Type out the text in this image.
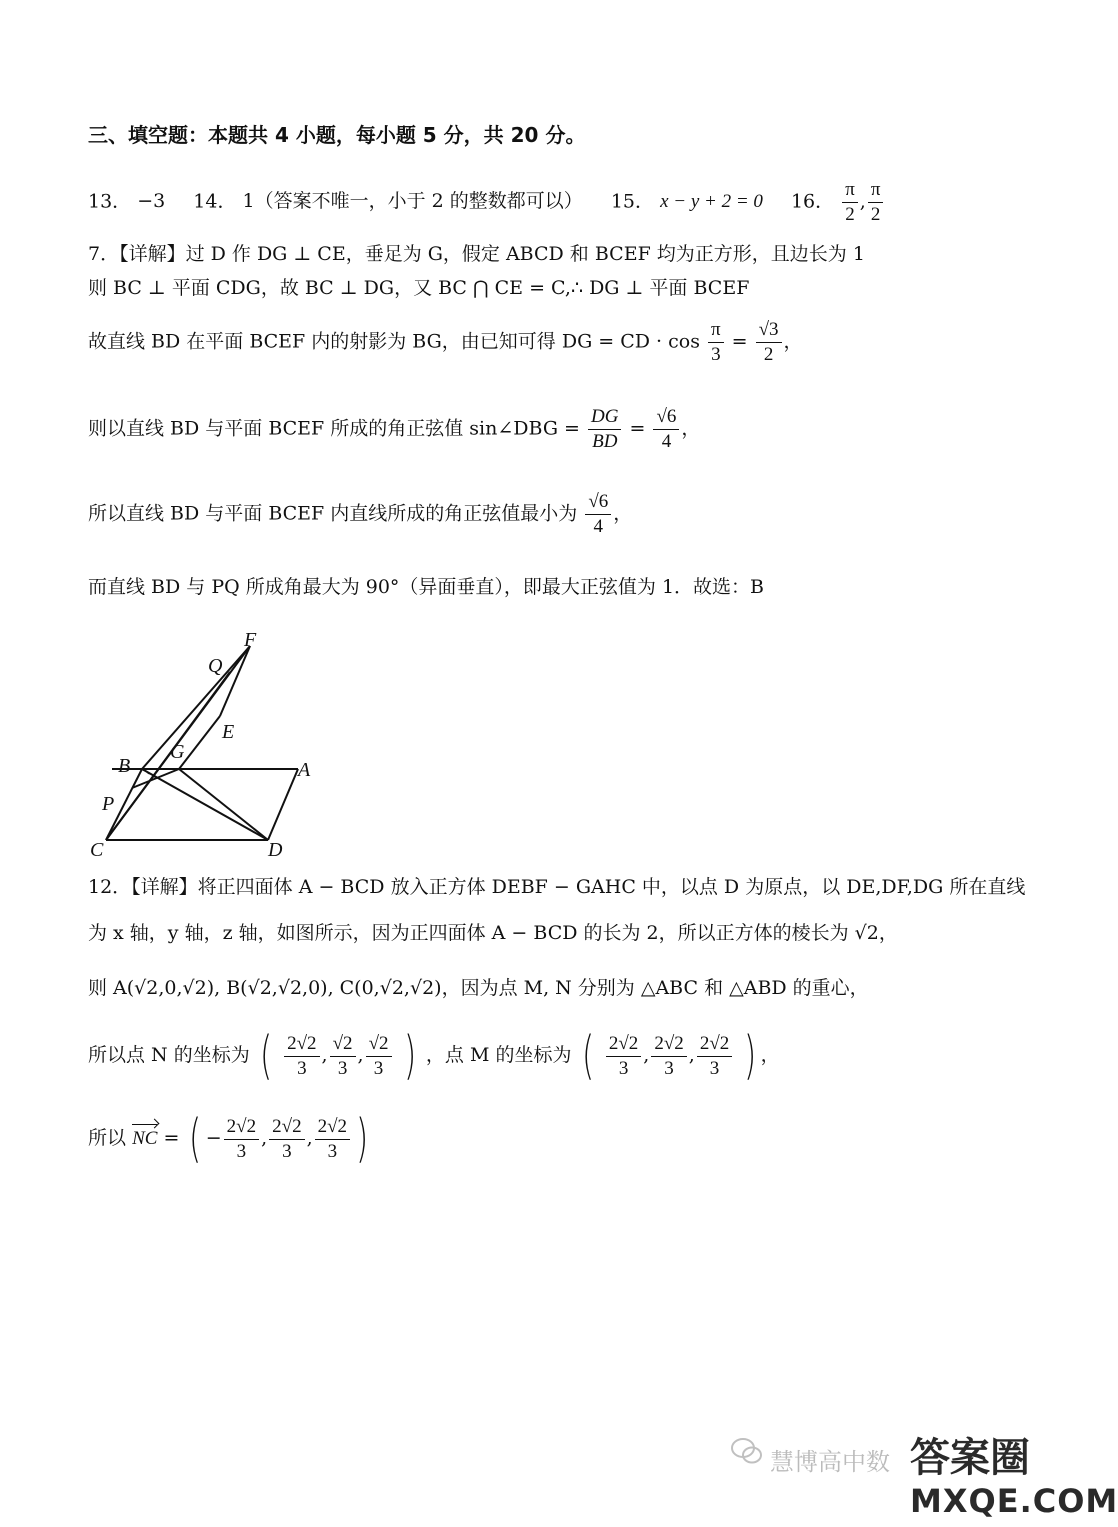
三、填空题：本题共 4 小题，每小题 5 分，共 20 分。
13． −3 14． 1（答案不唯一，小于 2 的整数都可以） 15． x − y + 2 = 0 16． $\frac{\pi}{2}$ , $\frac{\pi}{2}$
7．【详解】过 D 作 DG ⊥ CE，垂足为 G，假定 ABCD 和 BCEF 均为正方形，且边长为 1
则 BC ⊥ 平面 CDG，故 BC ⊥ DG，又 BC ⋂ CE = C,∴ DG ⊥ 平面 BCEF
故直线 BD 在平面 BCEF 内的射影为 BG，由已知可得 DG = CD · $\cos \frac{\pi}{3} = \frac{√3}{2}$ ，
则以直线 BD 与平面 BCEF 所成的角正弦值 sin∠DBG = $\frac{DG}{BD} = \frac{√6}{4}$ ，
所以直线 BD 与平面 BCEF 内直线所成的角正弦值最小为 $\frac{√6}{4}$ ，
而直线 BD 与 PQ 所成角最大为 90°（异面垂直），即最大正弦值为 1．故选：B
F
Q
E
G
B	A
P
C	D
12．【详解】将正四面体 A − BCD 放入正方体 DEBF − GAHC 中，以点 D 为原点，以 DE,DF,DG 所在直线
为 x 轴，y 轴，z 轴，如图所示，因为正四面体 A − BCD 的长为 2，所以正方体的棱长为 √2，
则 A(√2,0,√2), B(√2,√2,0), C(0,√2,√2)，因为点 M, N 分别为 △ABC 和 △ABD 的重心，
所以点 N 的坐标为 ( $\frac{2√2}{3}$ , $\frac{√2}{3}$ , $\frac{√2}{3}$ ) ，点 M 的坐标为 ( $\frac{2√2}{3}$ , $\frac{2√2}{3}$ , $\frac{2√2}{3}$ ) ，
所以 NC = ( − $\frac{2√2}{3}$ , $\frac{2√2}{3}$ , $\frac{2√2}{3}$ )
慧博高中数 答案圈
MXQE.COM
